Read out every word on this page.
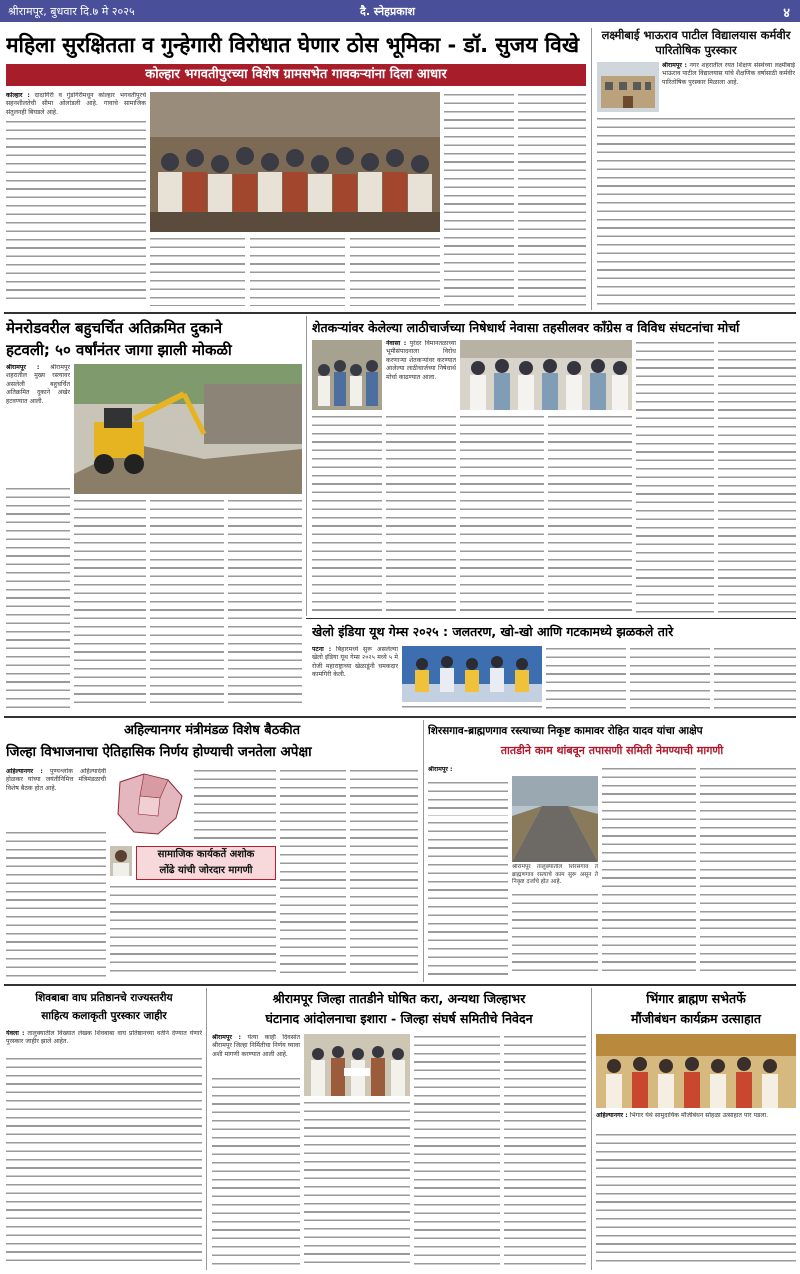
श्रीरामपूर, बुधवार दि.७ मे २०२५	दै. स्नेहप्रकाश	४
महिला सुरक्षितता व गुन्हेगारी विरोधात घेणार ठोस भूमिका - डॉ. सुजय विखे
कोल्हार भगवतीपुरच्या विशेष ग्रामसभेत गावकऱ्यांना दिला आधार
कोल्हार : दादागिरी व गुंडगिरीमधून कोल्हार भगवतीपूरचे सहनशीलतेची सीमा ओलांडली आहे. गावाचे सामाजिक संतुलनही बिघडले आहे.
लक्ष्मीबाई भाऊराव पाटील विद्यालयास कर्मवीर पारितोषिक पुरस्कार
श्रीरामपूर : नगर शहरातील रयत शिक्षण संस्थेच्या लक्ष्मीबाई भाऊराव पाटील विद्यालयास यांचे शैक्षणिक वर्षासाठी कर्मवीर पारितोषिक पुरस्कार मिळाला आहे.
मेनरोडवरील बहुचर्चित अतिक्रमित दुकाने
हटवली; ५० वर्षांनंतर जागा झाली मोकळी
श्रीरामपूर : श्रीरामपूर शहरातील मुख्य रस्त्यावर असलेली बहुचर्चित अतिक्रमित दुकाने अखेर हटवण्यात आली.
शेतकऱ्यांवर केलेल्या लाठीचार्जच्या निषेधार्थ नेवासा तहसीलवर काँग्रेस व विविध संघटनांचा मोर्चा
नेवासा : पुरंदर विमानतळाच्या भूमीसंपादनाला विरोध करणाऱ्या शेतकऱ्यांवर करण्यात आलेल्या लाठीचार्जच्या निषेधार्थ मोर्चा काढण्यात आला.
खेलो इंडिया यूथ गेम्स २०२५ : जलतरण, खो-खो आणि गटकामध्ये झळकले तारे
पटना : बिहारमध्ये सुरू असलेल्या खेलो इंडिया यूथ गेम्स २०२५ मध्ये ५ मे रोजी महाराष्ट्राच्या खेळाडूंनी चमकदार कामगिरी केली.
अहिल्यानगर मंत्रीमंडळ विशेष बैठकीत
जिल्हा विभाजनाचा ऐतिहासिक निर्णय होण्याची जनतेला अपेक्षा
अहिल्यानगर : पुण्यश्लोक अहिल्यादेवी होळकर यांच्या जयंतीनिमित्त मंत्रिमंडळाची विशेष बैठक होत आहे.
सामाजिक कार्यकर्ते अशोक
लोंढे यांची जोरदार मागणी
शिरसगाव-ब्राह्मणगाव रस्त्याच्या निकृष्ट कामावर रोहित यादव यांचा आक्षेप
तातडीने काम थांबवून तपासणी समिती नेमण्याची मागणी
श्रीरामपूर :
श्रीरामपूर तालुक्यातील शिरसगाव ते ब्राह्मणगाव रस्त्याचे काम सुरू असून ते निकृष्ट दर्जाचे होत आहे.
शिवबाबा वाघ प्रतिष्ठानचे राज्यस्तरीय
साहित्य कलाकृती पुरस्कार जाहीर
येवला : तालुक्यातील विख्यात लेखक शिवबाबा वाघ प्रतिष्ठानच्या वतीने देण्यात येणारे पुरस्कार जाहीर झाले आहेत.
श्रीरामपूर जिल्हा तातडीने घोषित करा, अन्यथा जिल्हाभर
घंटानाद आंदोलनाचा इशारा - जिल्हा संघर्ष समितीचे निवेदन
श्रीरामपूर : येत्या काही दिवसांत श्रीरामपूर जिल्हा निर्मितीचा निर्णय घ्यावा अशी मागणी करण्यात आली आहे.
भिंगार ब्राह्मण सभेतर्फे
मौंजीबंधन कार्यक्रम उत्साहात
अहिल्यानगर : भिंगार येथे सामुदायिक मौंजीबंधन सोहळा उत्साहात पार पडला.
